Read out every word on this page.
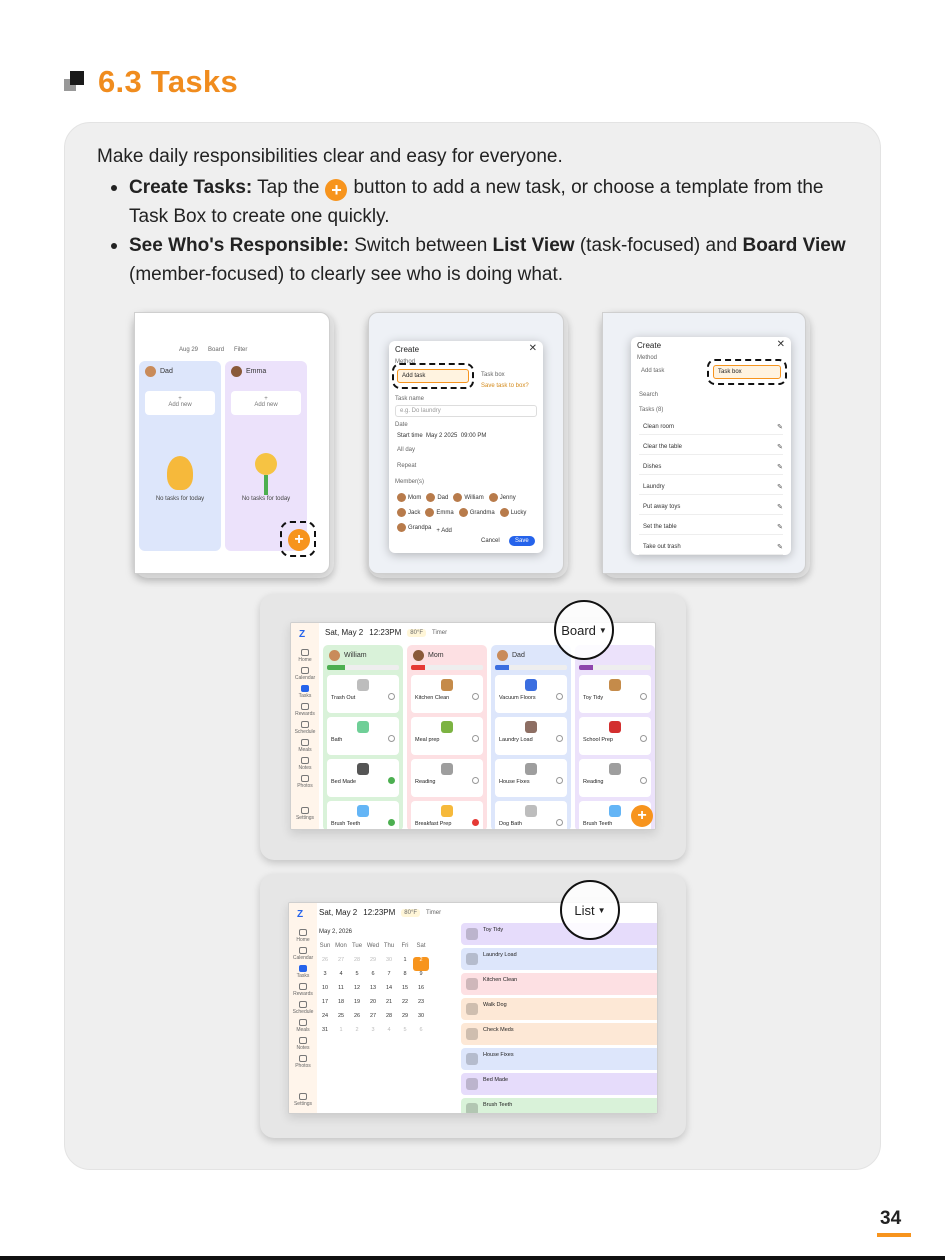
6.3 Tasks
Make daily responsibilities clear and easy for everyone.
Create Tasks: Tap the + button to add a new task, or choose a template from the Task Box to create one quickly.
See Who's Responsible: Switch between List View (task-focused) and Board View (member-focused) to clearly see who is doing what.
Aug 29 Board Filter
Dad
+
Add new
No tasks for today
Emma
+
Add new
No tasks for today
+
Create	✕
Method
Add task	Task box
Save task to box?
Task name
e.g. Do laundry
Date
Start time May 2 2025 09:00 PM
All day
Repeat
Member(s)
Mom	Dad	William	Jenny
Jack	Emma	Grandma	Lucky
Grandpa
+ Add
Cancel	Save
Create	✕
Method
Add task	Task box
Search
Tasks (8)
Clean room	✎
Clear the table	✎
Dishes	✎
Laundry	✎
Put away toys	✎
Set the table	✎
Take out trash	✎
Z
Home
Calendar
Tasks
Rewards
Schedule
Meals
Notes
Photos
Settings
Sat, May 2 12:23PM	80°F	Timer
William
Trash Out
Bath
Bed Made
Brush Teeth
Mom
Kitchen Clean
Meal prep
Reading
Breakfast Prep
Dad
Vacuum Floors
Laundry Load
House Fixes
Dog Bath
Toy Tidy
School Prep
Reading
Brush Teeth	+
Board ▼
Z
Home
Calendar
Tasks
Rewards
Schedule
Meals
Notes
Photos
Settings
Sat, May 2 12:23PM	80°F	Timer
May 2, 2026
Sun Mon Tue Wed Thu	Fri	Sat
26	27	28	29	30	1	2
3	4	5	6	7	8	9
10	11	12	13	14	15	16
17	18	19	20	21	22	23
24	25	26	27	28	29	30
31	1	2	3	4	5	6
Toy Tidy
Laundry Load
Kitchen Clean
Walk Dog
Check Meds
House Fixes
Bed Made
Brush Teeth
List ▼
34
